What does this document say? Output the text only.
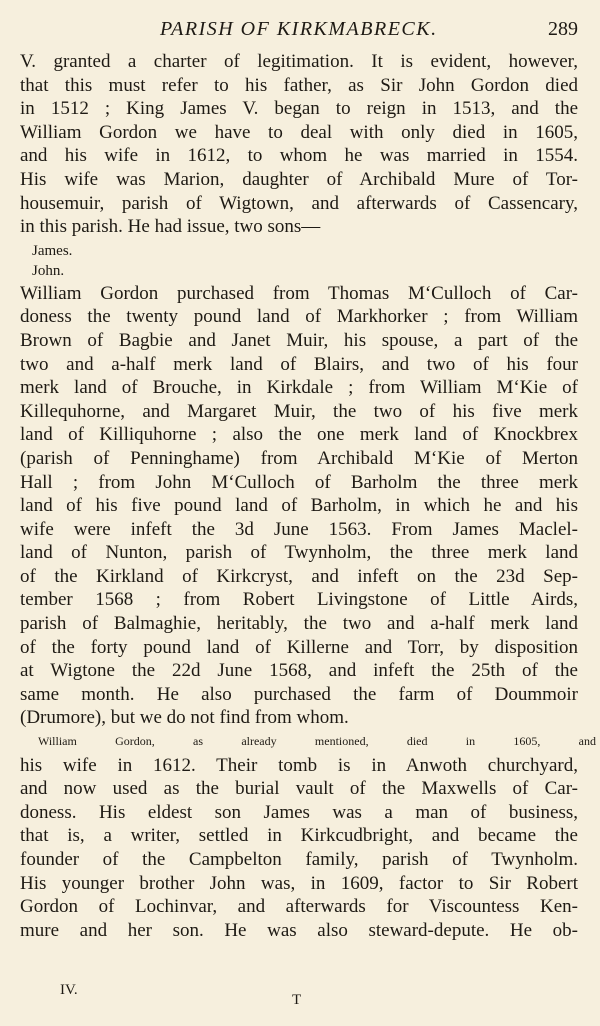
PARISH OF KIRKMABRECK.	289
V. granted a charter of legitimation. It is evident, however,
that this must refer to his father, as Sir John Gordon died
in 1512 ; King James V. began to reign in 1513, and the
William Gordon we have to deal with only died in 1605,
and his wife in 1612, to whom he was married in 1554.
His wife was Marion, daughter of Archibald Mure of Tor-
housemuir, parish of Wigtown, and afterwards of Cassencary,
in this parish. He had issue, two sons—
James.
John.
William Gordon purchased from Thomas M‘Culloch of Car-
doness the twenty pound land of Markhorker ; from William
Brown of Bagbie and Janet Muir, his spouse, a part of the
two and a-half merk land of Blairs, and two of his four
merk land of Brouche, in Kirkdale ; from William M‘Kie of
Killequhorne, and Margaret Muir, the two of his five merk
land of Killiquhorne ; also the one merk land of Knockbrex
(parish of Penninghame) from Archibald M‘Kie of Merton
Hall ; from John M‘Culloch of Barholm the three merk
land of his five pound land of Barholm, in which he and his
wife were infeft the 3d June 1563. From James Maclel-
land of Nunton, parish of Twynholm, the three merk land
of the Kirkland of Kirkcryst, and infeft on the 23d Sep-
tember 1568 ; from Robert Livingstone of Little Airds,
parish of Balmaghie, heritably, the two and a-half merk land
of the forty pound land of Killerne and Torr, by disposition
at Wigtone the 22d June 1568, and infeft the 25th of the
same month. He also purchased the farm of Doummoir
(Drumore), but we do not find from whom.
William Gordon, as already mentioned, died in 1605, and
his wife in 1612. Their tomb is in Anwoth churchyard,
and now used as the burial vault of the Maxwells of Car-
doness. His eldest son James was a man of business,
that is, a writer, settled in Kirkcudbright, and became the
founder of the Campbelton family, parish of Twynholm.
His younger brother John was, in 1609, factor to Sir Robert
Gordon of Lochinvar, and afterwards for Viscountess Ken-
mure and her son. He was also steward-depute. He ob-
IV.
T
